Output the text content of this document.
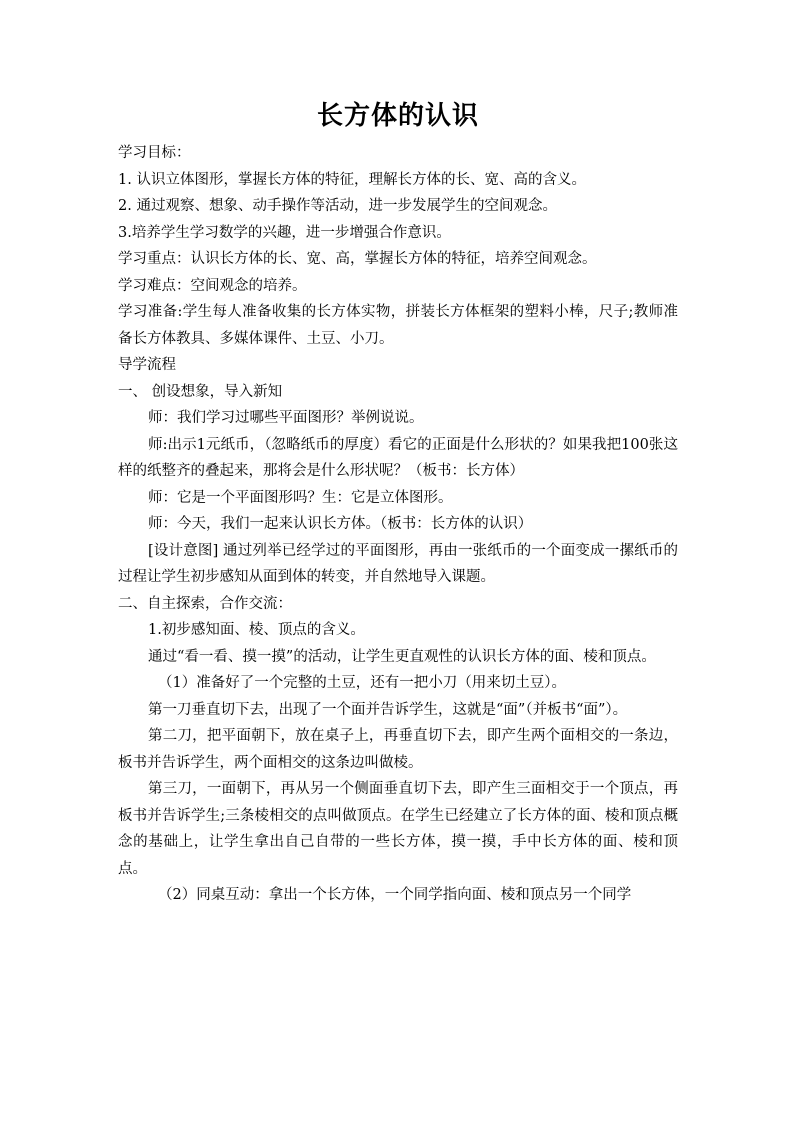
长方体的认识

学习目标：

1. 认识立体图形，掌握长方体的特征，理解长方体的长、宽、高的含义。

2. 通过观察、想象、动手操作等活动，进一步发展学生的空间观念。

3.培养学生学习数学的兴趣，进一步增强合作意识。

学习重点：认识长方体的长、宽、高，掌握长方体的特征，培养空间观念。

学习难点：空间观念的培养。

学习准备:学生每人准备收集的长方体实物，拼装长方体框架的塑料小棒，尺子;教师准备长方体教具、多媒体课件、土豆、小刀。

导学流程

一、 创设想象，导入新知

师：我们学习过哪些平面图形？举例说说。

师:出示1元纸币，（忽略纸币的厚度）看它的正面是什么形状的？如果我把100张这样的纸整齐的叠起来，那将会是什么形状呢？（板书：长方体）

师：它是一个平面图形吗？生：它是立体图形。

师：今天，我们一起来认识长方体。（板书：长方体的认识）

[设计意图] 通过列举已经学过的平面图形，再由一张纸币的一个面变成一摞纸币的过程让学生初步感知从面到体的转变，并自然地导入课题。

二、自主探索，合作交流：

1.初步感知面、棱、顶点的含义。

通过“看一看、摸一摸”的活动，让学生更直观性的认识长方体的面、棱和顶点。

（1）准备好了一个完整的土豆，还有一把小刀（用来切土豆）。

第一刀垂直切下去，出现了一个面并告诉学生，这就是“面”（并板书“面”）。

第二刀，把平面朝下，放在桌子上，再垂直切下去，即产生两个面相交的一条边，板书并告诉学生，两个面相交的这条边叫做棱。

第三刀，一面朝下，再从另一个侧面垂直切下去，即产生三面相交于一个顶点，再板书并告诉学生;三条棱相交的点叫做顶点。在学生已经建立了长方体的面、棱和顶点概念的基础上，让学生拿出自己自带的一些长方体，摸一摸，手中长方体的面、棱和顶点。

（2）同桌互动：拿出一个长方体，一个同学指向面、棱和顶点另一个同学
